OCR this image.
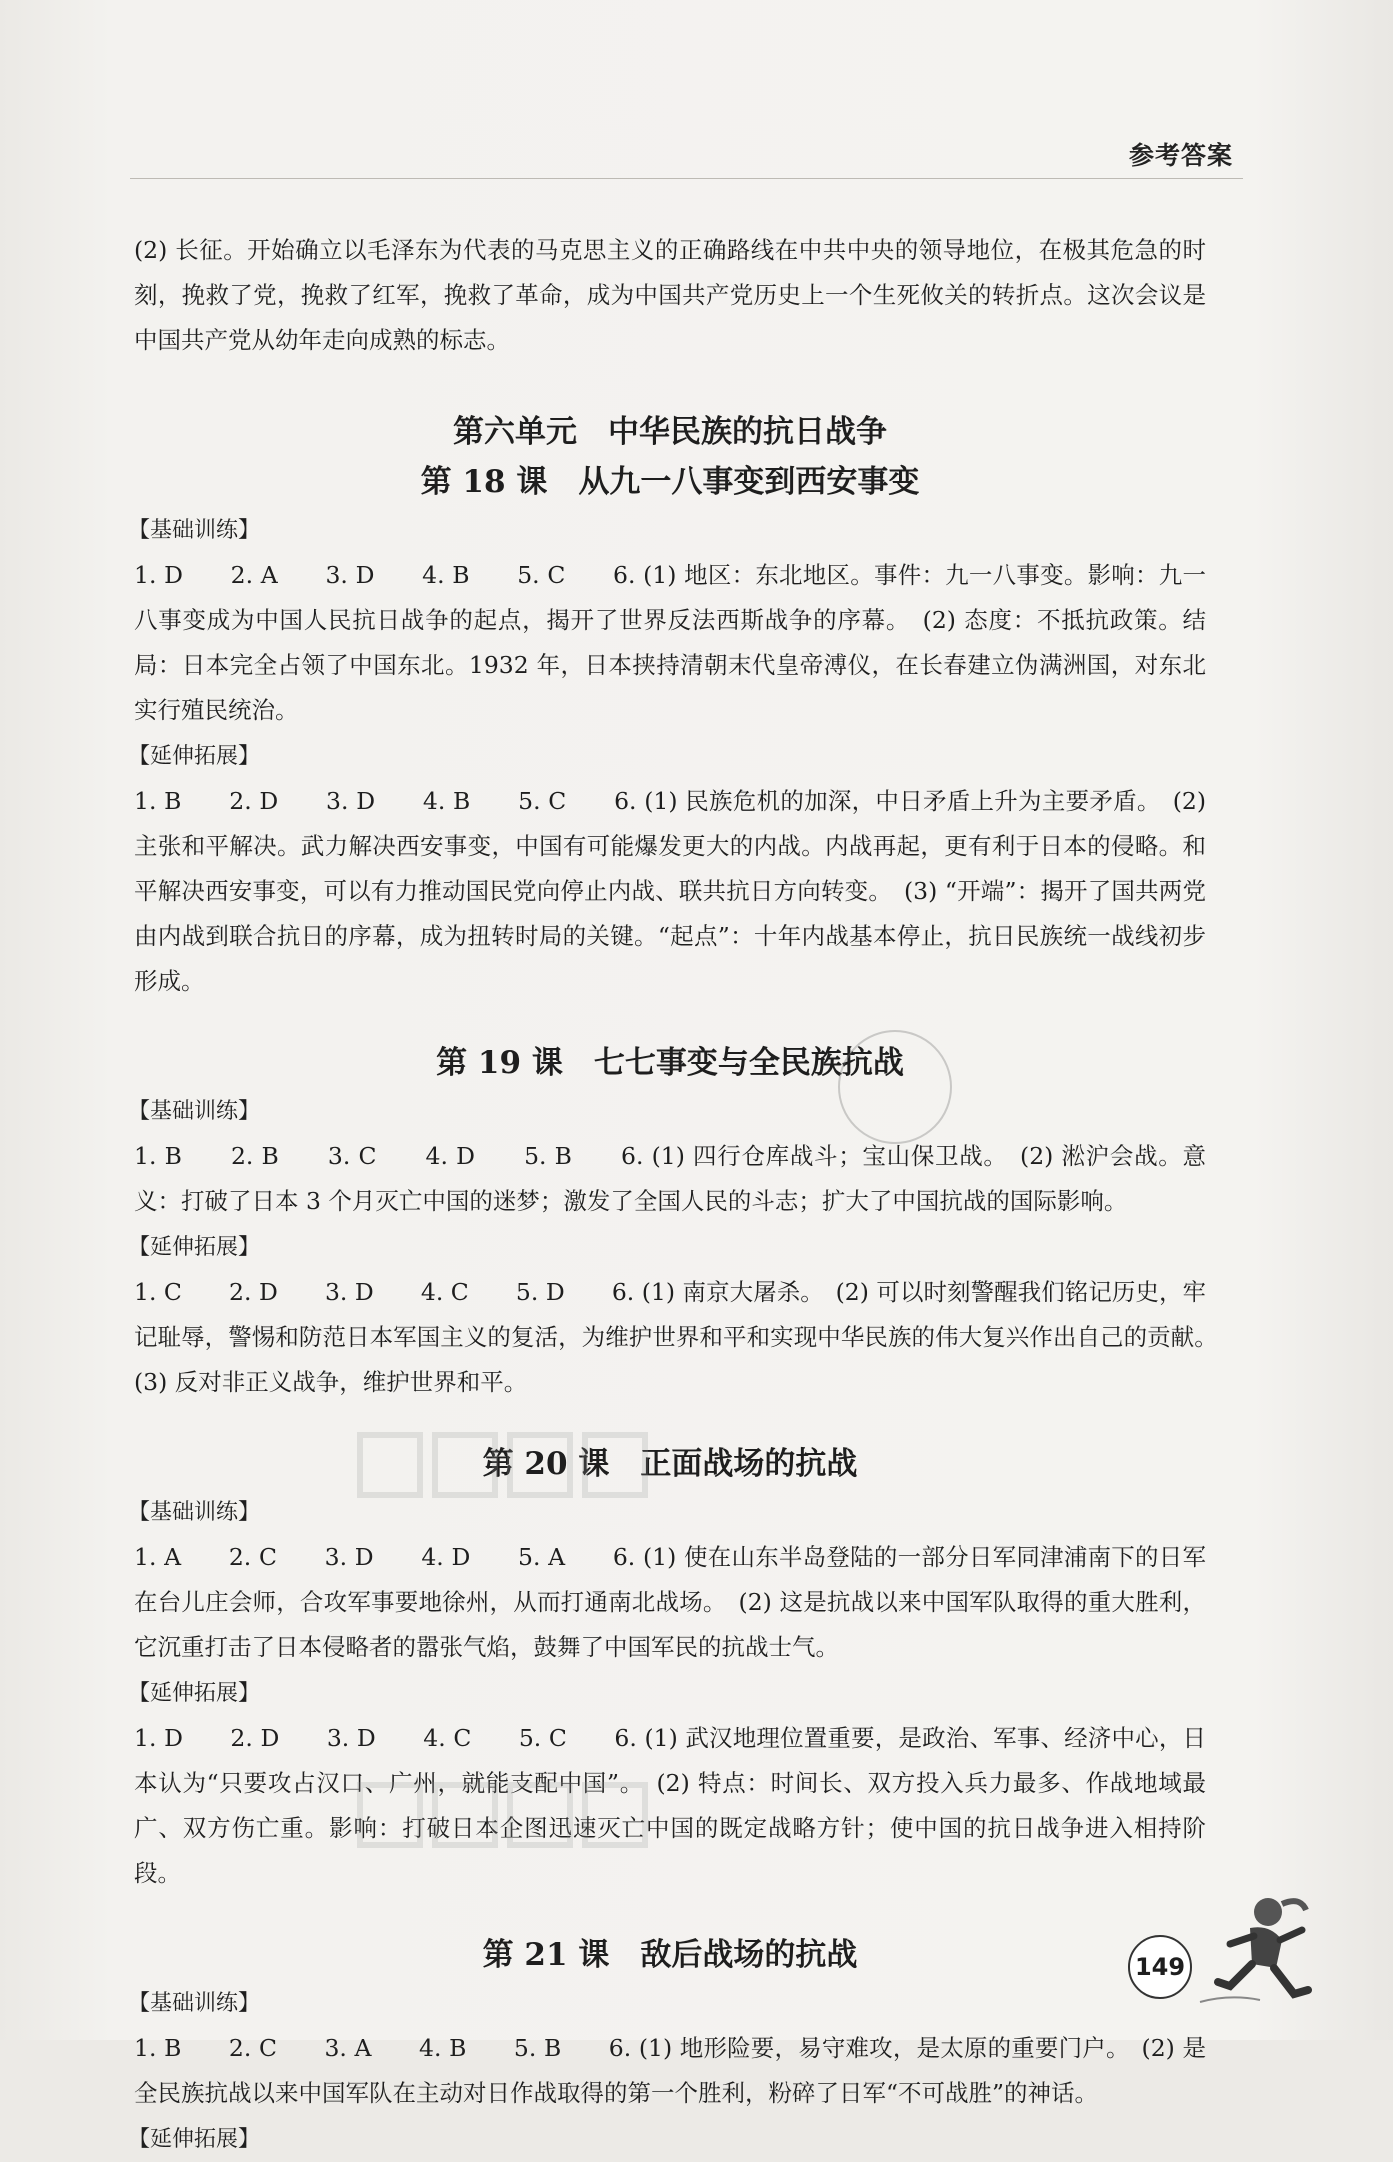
参考答案

(2) 长征。开始确立以毛泽东为代表的马克思主义的正确路线在中共中央的领导地位，在极其危急的时刻，挽救了党，挽救了红军，挽救了革命，成为中国共产党历史上一个生死攸关的转折点。这次会议是中国共产党从幼年走向成熟的标志。

第六单元　中华民族的抗日战争
第 18 课　从九一八事变到西安事变
【基础训练】

1. D　　2. A　　3. D　　4. B　　5. C　　6. (1) 地区：东北地区。事件：九一八事变。影响：九一八事变成为中国人民抗日战争的起点，揭开了世界反法西斯战争的序幕。　(2) 态度：不抵抗政策。结局：日本完全占领了中国东北。1932 年，日本挟持清朝末代皇帝溥仪，在长春建立伪满洲国，对东北实行殖民统治。

【延伸拓展】

1. B　　2. D　　3. D　　4. B　　5. C　　6. (1) 民族危机的加深，中日矛盾上升为主要矛盾。　(2) 主张和平解决。武力解决西安事变，中国有可能爆发更大的内战。内战再起，更有利于日本的侵略。和平解决西安事变，可以有力推动国民党向停止内战、联共抗日方向转变。　(3) “开端”：揭开了国共两党由内战到联合抗日的序幕，成为扭转时局的关键。“起点”：十年内战基本停止，抗日民族统一战线初步形成。

第 19 课　七七事变与全民族抗战
【基础训练】

1. B　　2. B　　3. C　　4. D　　5. B　　6. (1) 四行仓库战斗；宝山保卫战。　(2) 淞沪会战。意义：打破了日本 3 个月灭亡中国的迷梦；激发了全国人民的斗志；扩大了中国抗战的国际影响。

【延伸拓展】

1. C　　2. D　　3. D　　4. C　　5. D　　6. (1) 南京大屠杀。　(2) 可以时刻警醒我们铭记历史，牢记耻辱，警惕和防范日本军国主义的复活，为维护世界和平和实现中华民族的伟大复兴作出自己的贡献。　(3) 反对非正义战争，维护世界和平。

第 20 课　正面战场的抗战
【基础训练】

1. A　　2. C　　3. D　　4. D　　5. A　　6. (1) 使在山东半岛登陆的一部分日军同津浦南下的日军在台儿庄会师，合攻军事要地徐州，从而打通南北战场。　(2) 这是抗战以来中国军队取得的重大胜利，它沉重打击了日本侵略者的嚣张气焰，鼓舞了中国军民的抗战士气。

【延伸拓展】

1. D　　2. D　　3. D　　4. C　　5. C　　6. (1) 武汉地理位置重要，是政治、军事、经济中心，日本认为“只要攻占汉口、广州，就能支配中国”。　(2) 特点：时间长、双方投入兵力最多、作战地域最广、双方伤亡重。影响：打破日本企图迅速灭亡中国的既定战略方针；使中国的抗日战争进入相持阶段。

第 21 课　敌后战场的抗战
【基础训练】

1. B　　2. C　　3. A　　4. B　　5. B　　6. (1) 地形险要，易守难攻，是太原的重要门户。　(2) 是全民族抗战以来中国军队在主动对日作战取得的第一个胜利，粉碎了日军“不可战胜”的神话。

【延伸拓展】
149
